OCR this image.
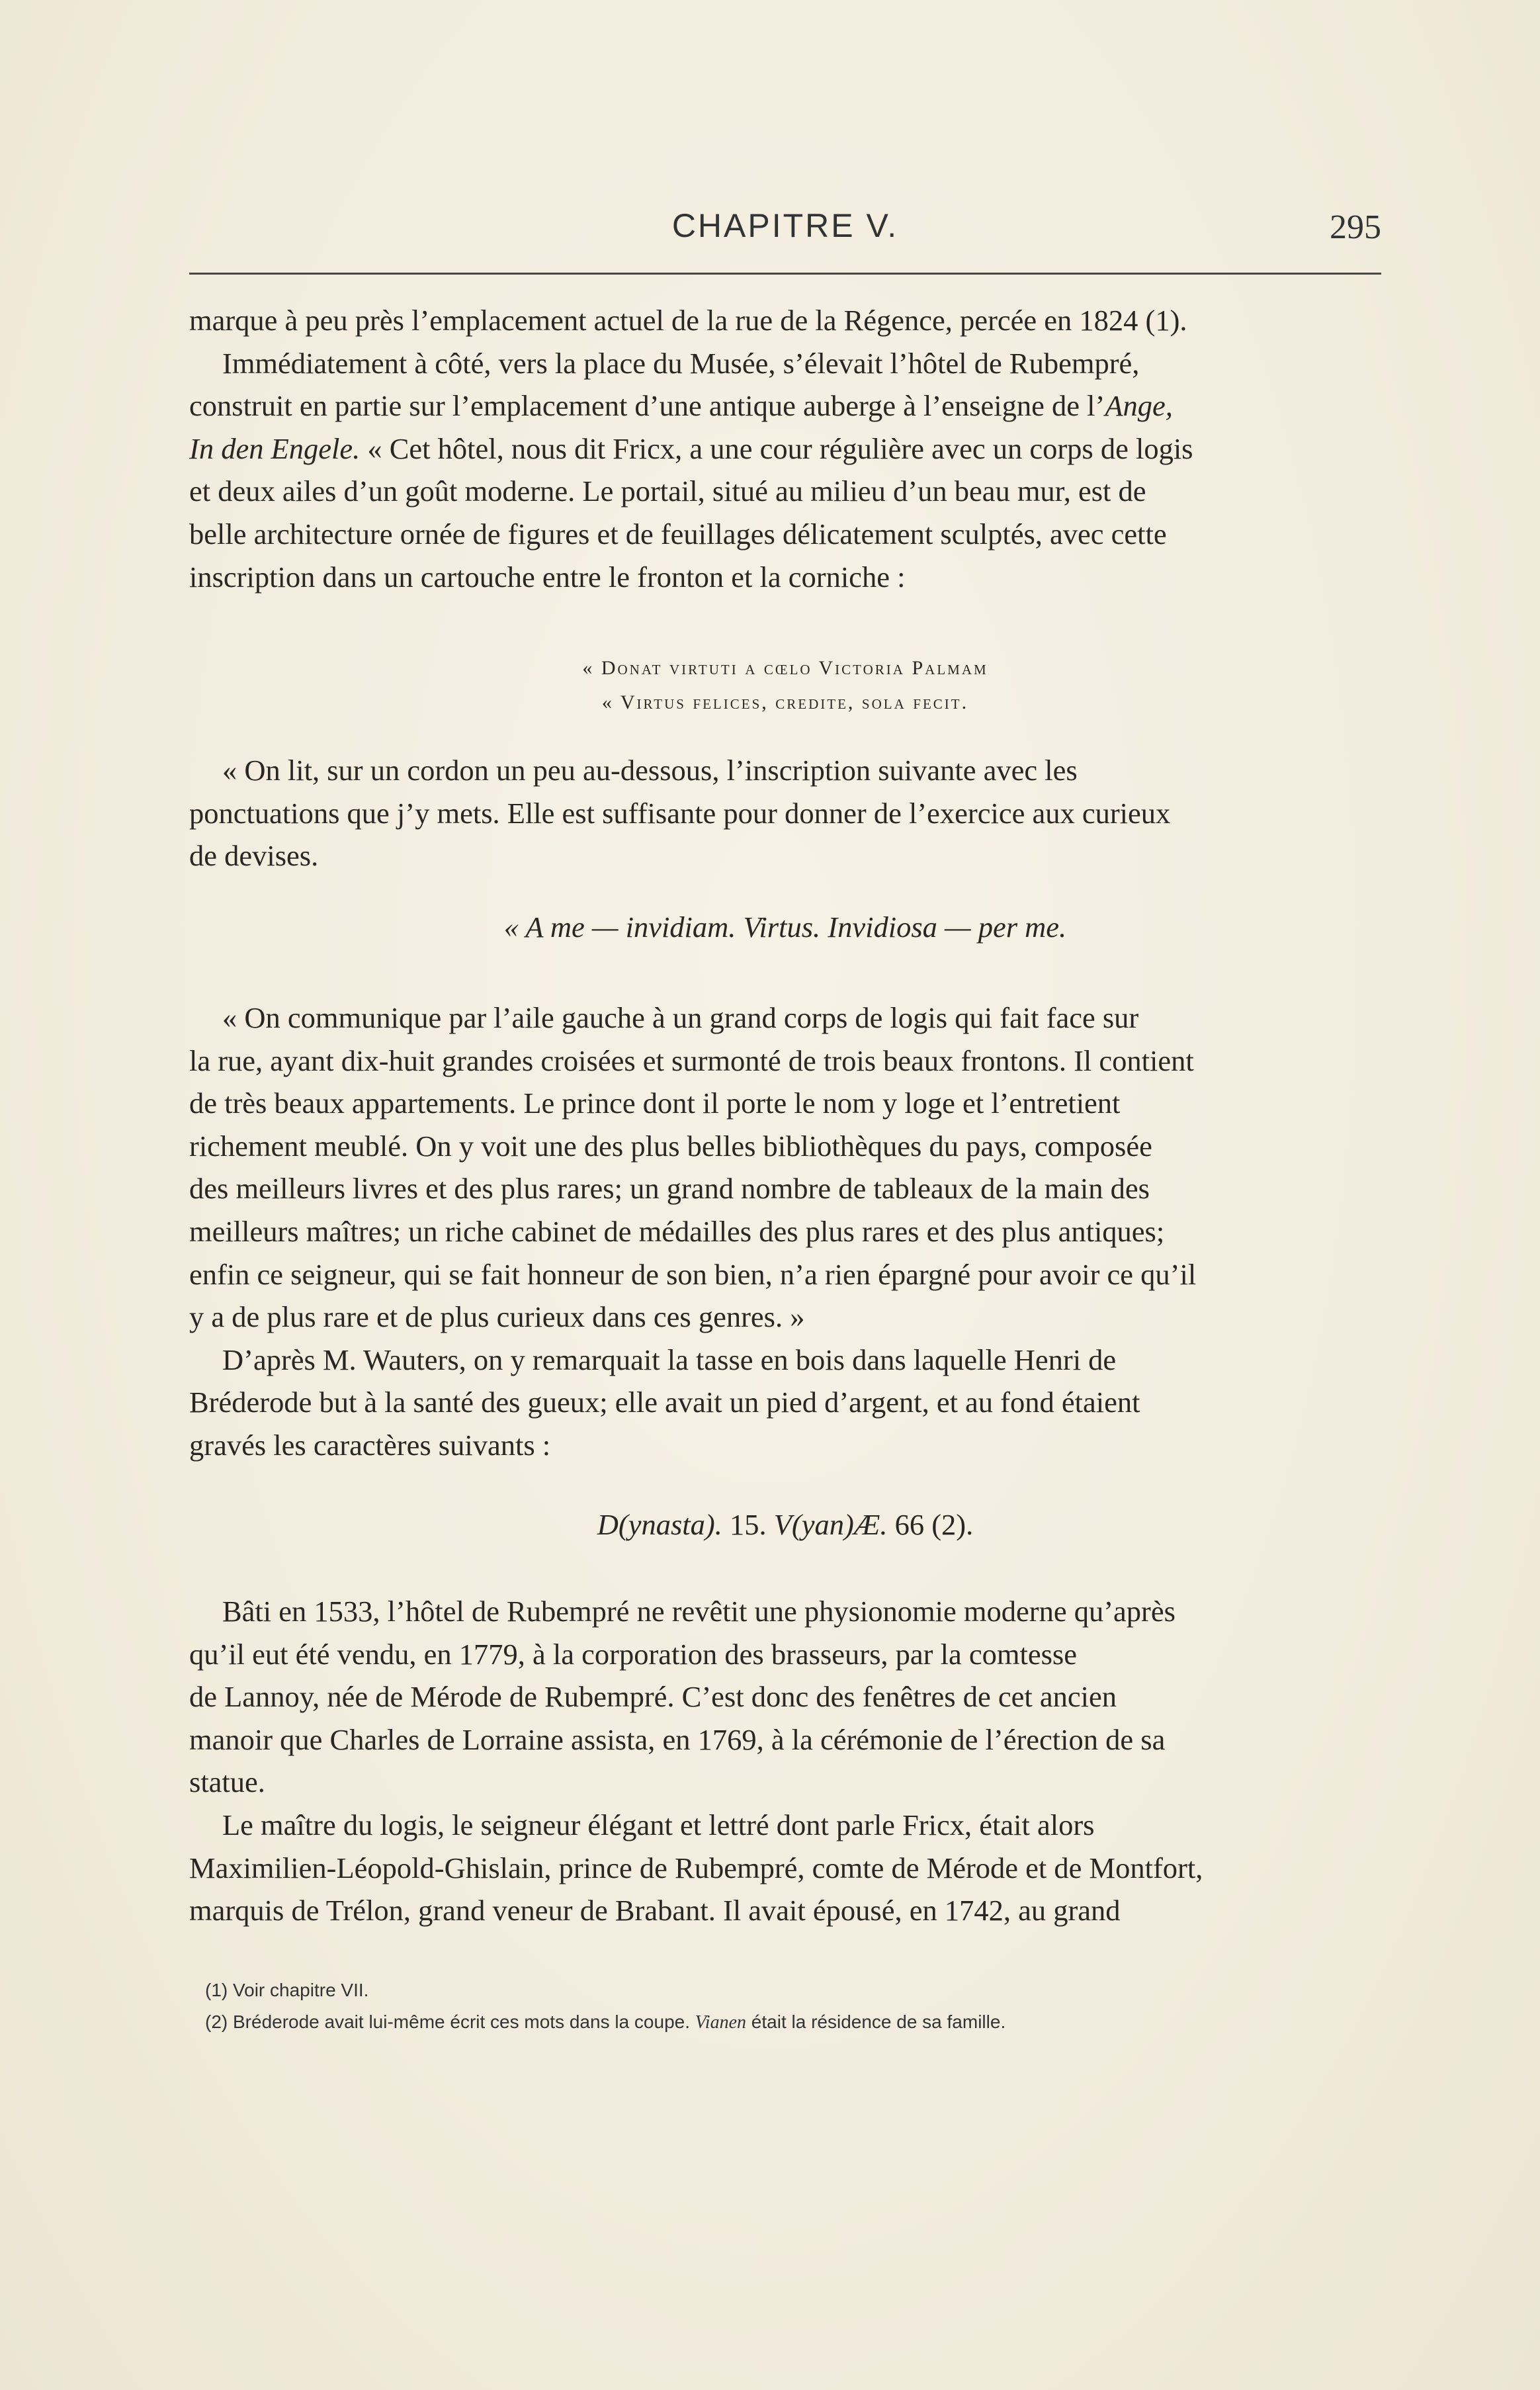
CHAPITRE V.	295

marque à peu près l’emplacement actuel de la rue de la Régence, percée en 1824 (1).

Immédiatement à côté, vers la place du Musée, s’élevait l’hôtel de Rubempré,

construit en partie sur l’emplacement d’une antique auberge à l’enseigne de l’Ange,

In den Engele. « Cet hôtel, nous dit Fricx, a une cour régulière avec un corps de logis

et deux ailes d’un goût moderne. Le portail, situé au milieu d’un beau mur, est de

belle architecture ornée de figures et de feuillages délicatement sculptés, avec cette

inscription dans un cartouche entre le fronton et la corniche :

« Donat virtuti a cœlo Victoria Palmam
« Virtus felices, credite, sola fecit.

« On lit, sur un cordon un peu au-dessous, l’inscription suivante avec les

ponctuations que j’y mets. Elle est suffisante pour donner de l’exercice aux curieux

de devises.

« A me — invidiam. Virtus. Invidiosa — per me.

« On communique par l’aile gauche à un grand corps de logis qui fait face sur

la rue, ayant dix-huit grandes croisées et surmonté de trois beaux frontons. Il contient

de très beaux appartements. Le prince dont il porte le nom y loge et l’entretient

richement meublé. On y voit une des plus belles bibliothèques du pays, composée

des meilleurs livres et des plus rares; un grand nombre de tableaux de la main des

meilleurs maîtres; un riche cabinet de médailles des plus rares et des plus antiques;

enfin ce seigneur, qui se fait honneur de son bien, n’a rien épargné pour avoir ce qu’il

y a de plus rare et de plus curieux dans ces genres. »

D’après M. Wauters, on y remarquait la tasse en bois dans laquelle Henri de

Bréderode but à la santé des gueux; elle avait un pied d’argent, et au fond étaient

gravés les caractères suivants :

D(ynasta). 15. V(yan)Æ. 66 (2).

Bâti en 1533, l’hôtel de Rubempré ne revêtit une physionomie moderne qu’après

qu’il eut été vendu, en 1779, à la corporation des brasseurs, par la comtesse

de Lannoy, née de Mérode de Rubempré. C’est donc des fenêtres de cet ancien

manoir que Charles de Lorraine assista, en 1769, à la cérémonie de l’érection de sa

statue.

Le maître du logis, le seigneur élégant et lettré dont parle Fricx, était alors

Maximilien-Léopold-Ghislain, prince de Rubempré, comte de Mérode et de Montfort,

marquis de Trélon, grand veneur de Brabant. Il avait épousé, en 1742, au grand

(1) Voir chapitre VII.
(2) Bréderode avait lui-même écrit ces mots dans la coupe. Vianen était la résidence de sa famille.
